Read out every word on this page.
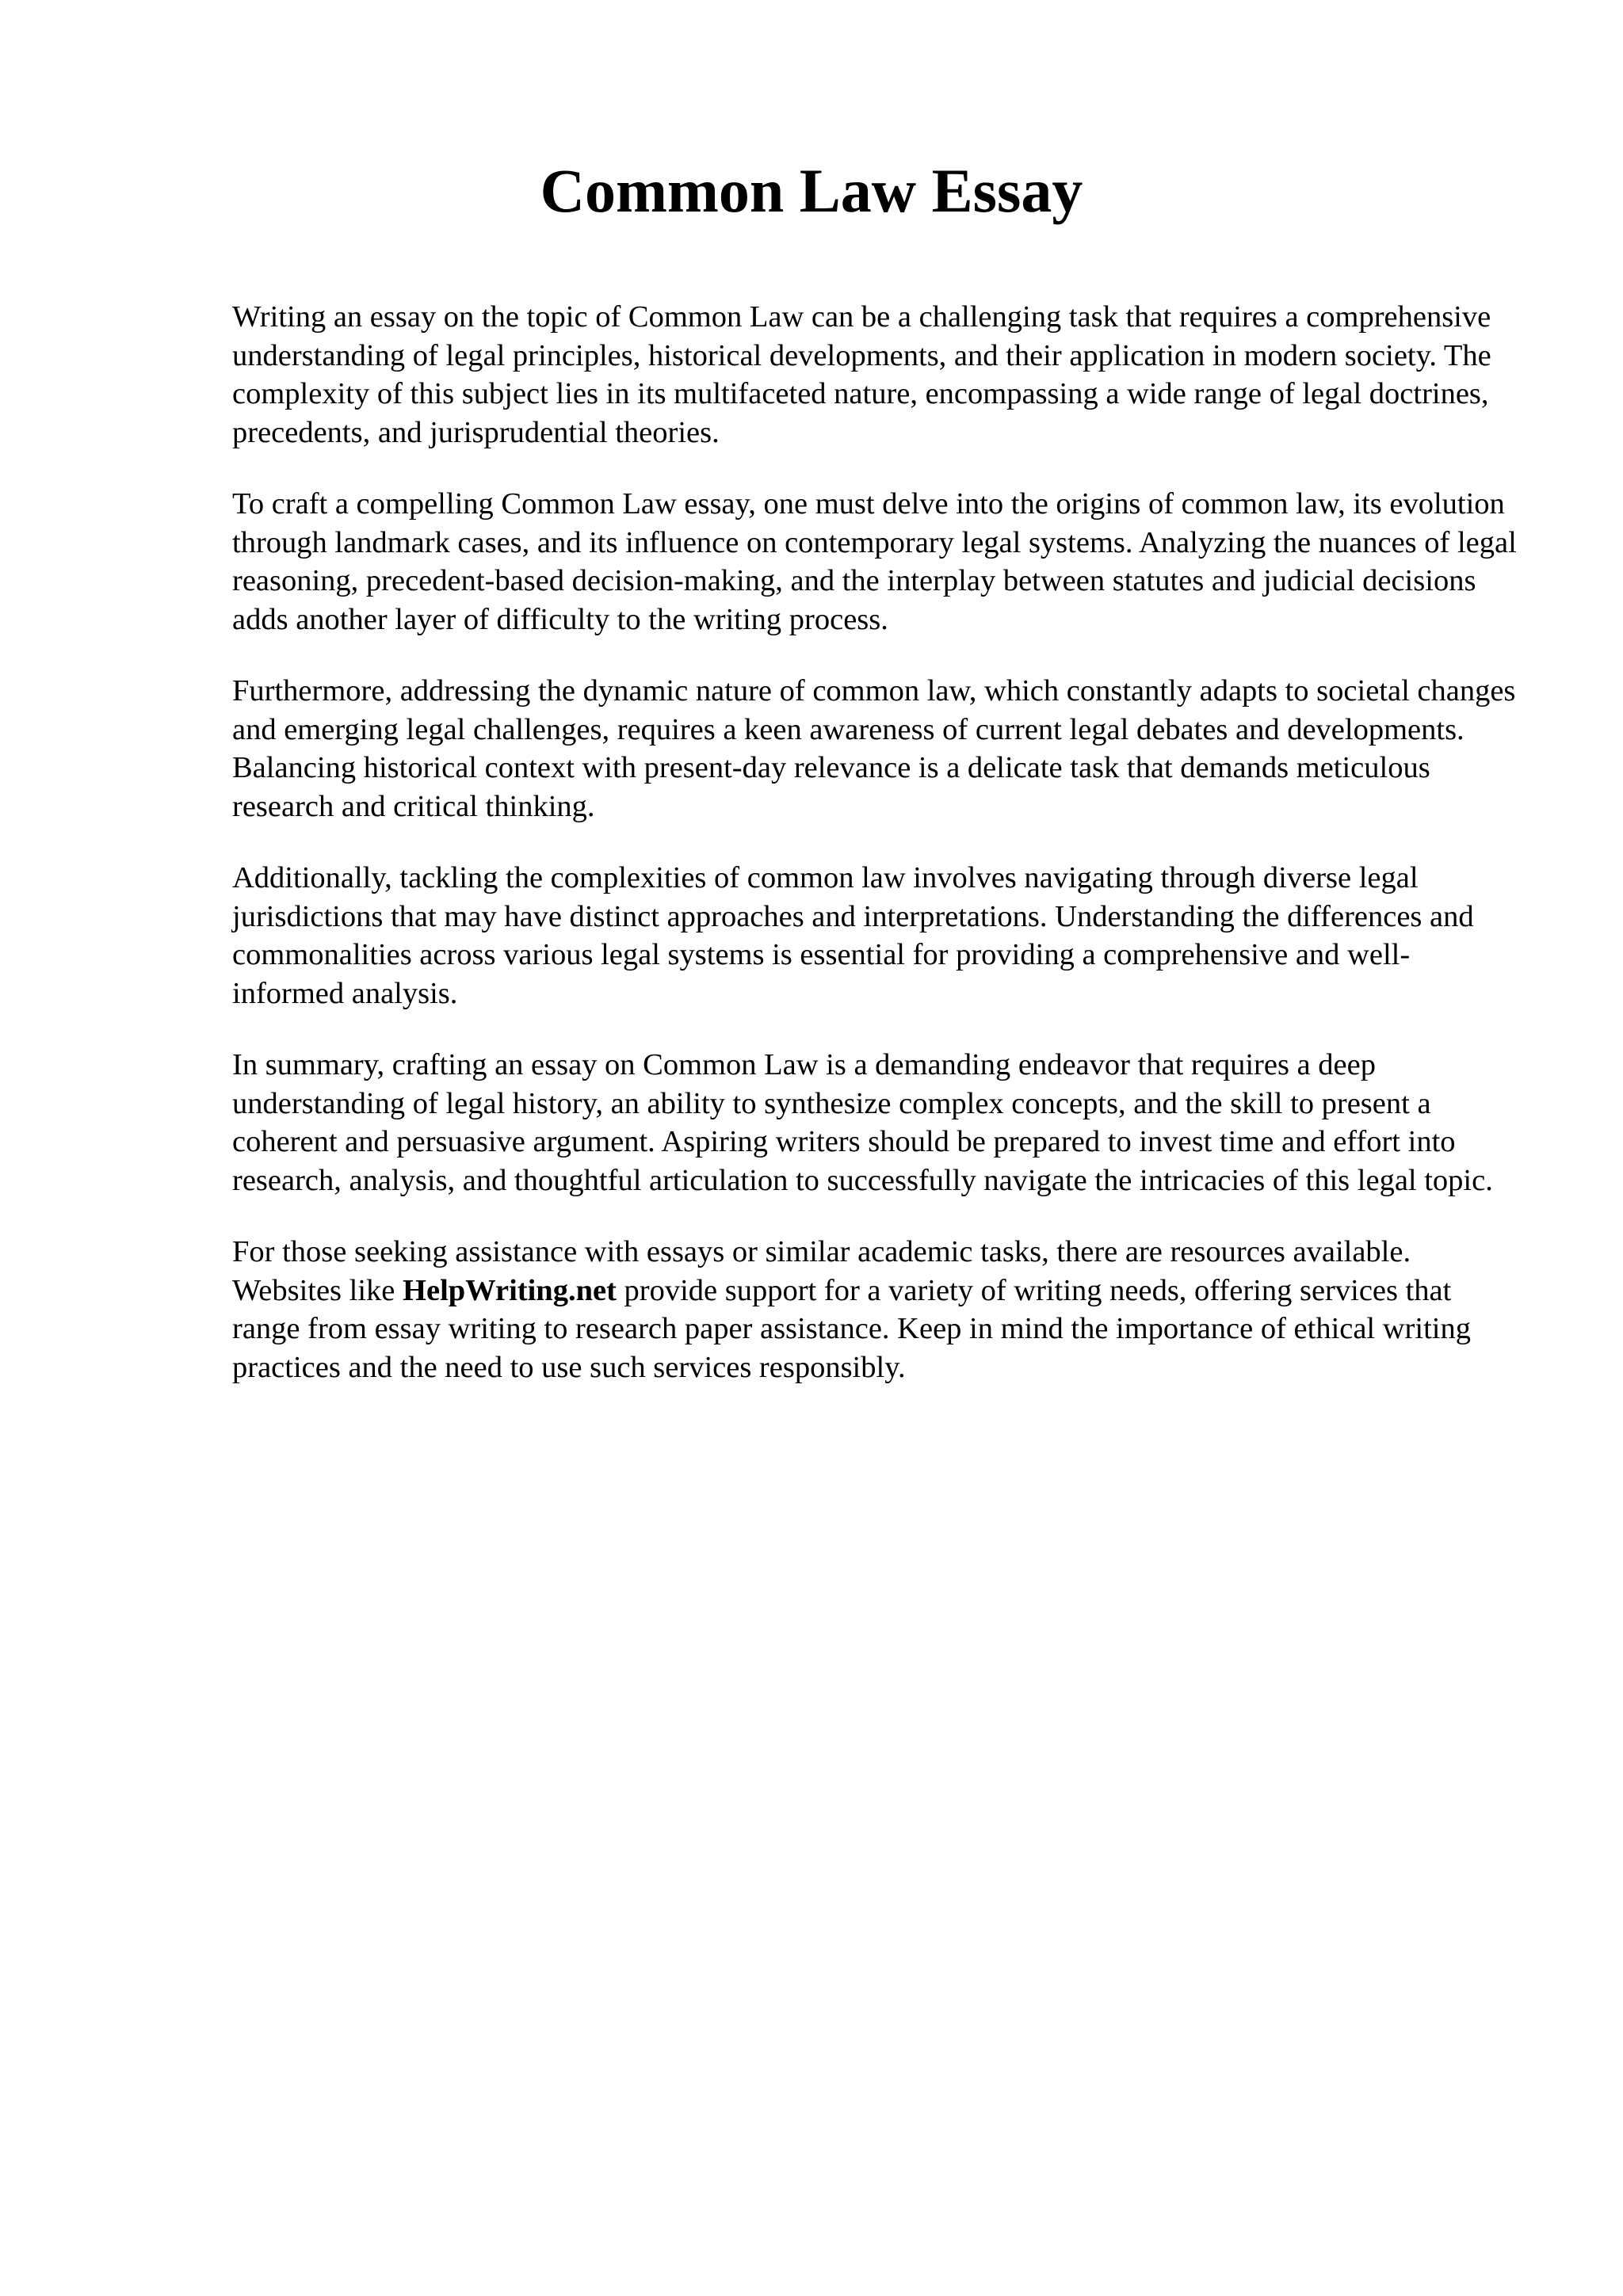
Common Law Essay

Writing an essay on the topic of Common Law can be a challenging task that requires a comprehensive understanding of legal principles, historical developments, and their application in modern society. The complexity of this subject lies in its multifaceted nature, encompassing a wide range of legal doctrines, precedents, and jurisprudential theories.

To craft a compelling Common Law essay, one must delve into the origins of common law, its evolution through landmark cases, and its influence on contemporary legal systems. Analyzing the nuances of legal reasoning, precedent-based decision-making, and the interplay between statutes and judicial decisions adds another layer of difficulty to the writing process.

Furthermore, addressing the dynamic nature of common law, which constantly adapts to societal changes and emerging legal challenges, requires a keen awareness of current legal debates and developments. Balancing historical context with present-day relevance is a delicate task that demands meticulous research and critical thinking.

Additionally, tackling the complexities of common law involves navigating through diverse legal jurisdictions that may have distinct approaches and interpretations. Understanding the differences and commonalities across various legal systems is essential for providing a comprehensive and well-informed analysis.

In summary, crafting an essay on Common Law is a demanding endeavor that requires a deep understanding of legal history, an ability to synthesize complex concepts, and the skill to present a coherent and persuasive argument. Aspiring writers should be prepared to invest time and effort into research, analysis, and thoughtful articulation to successfully navigate the intricacies of this legal topic.

For those seeking assistance with essays or similar academic tasks, there are resources available. Websites like HelpWriting.net provide support for a variety of writing needs, offering services that range from essay writing to research paper assistance. Keep in mind the importance of ethical writing practices and the need to use such services responsibly.
